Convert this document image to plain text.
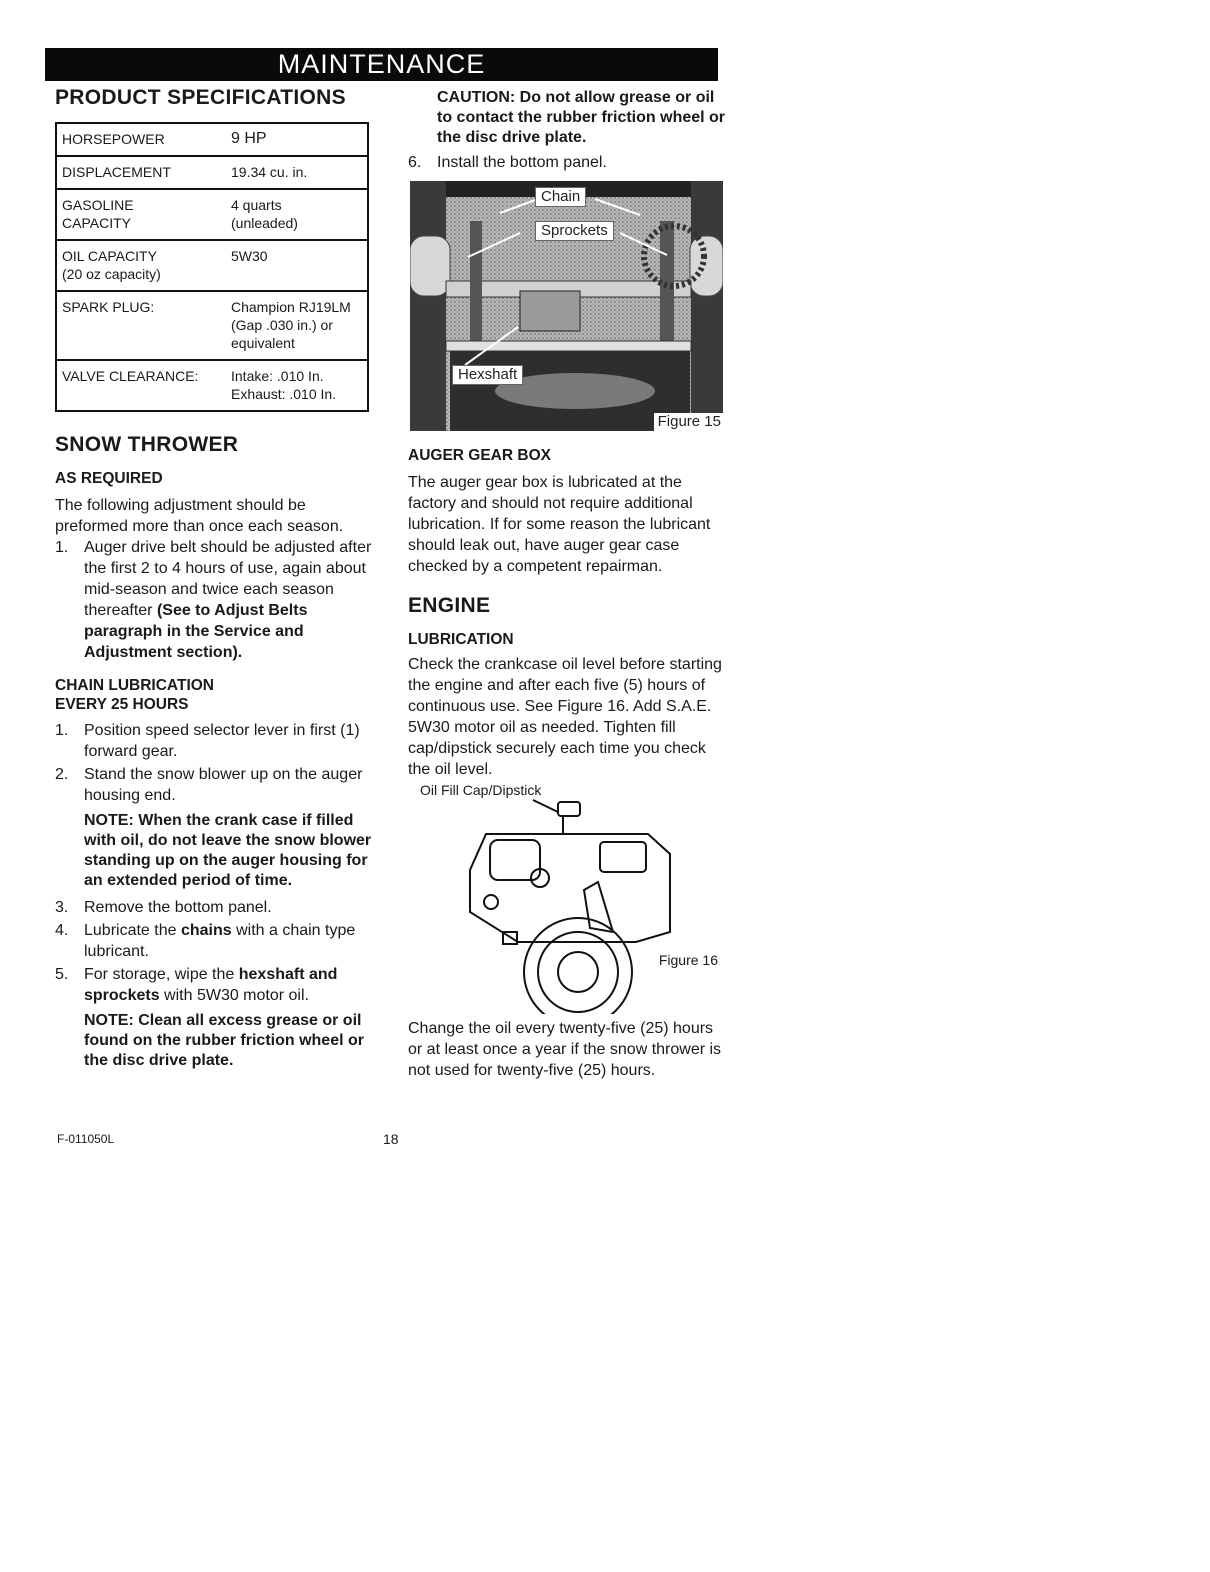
MAINTENANCE
PRODUCT SPECIFICATIONS
HORSEPOWER	9 HP
DISPLACEMENT	19.34 cu. in.
GASOLINE
CAPACITY	4 quarts
(unleaded)
OIL CAPACITY
(20 oz capacity)	5W30
SPARK PLUG:	Champion RJ19LM
(Gap .030 in.) or
equivalent
VALVE CLEARANCE:	Intake: .010 In.
Exhaust: .010 In.
SNOW THROWER
AS REQUIRED

The following adjustment should be preformed more than once each season.

1. Auger drive belt should be adjusted after the first 2 to 4 hours of use, again about mid-season and twice each season thereafter (See to Adjust Belts paragraph in the Service and Adjustment section).
CHAIN LUBRICATION
EVERY 25 HOURS
1. Position speed selector lever in first (1) forward gear.
2. Stand the snow blower up on the auger housing end.
NOTE: When the crank case if filled with oil, do not leave the snow blower standing up on the auger housing for an extended period of time.
3. Remove the bottom panel.
4. Lubricate the chains with a chain type lubricant.
5. For storage, wipe the hexshaft and sprockets with 5W30 motor oil.
NOTE: Clean all excess grease or oil found on the rubber friction wheel or the disc drive plate.
F-011050L	18
CAUTION: Do not allow grease or oil to contact the rubber friction wheel or the disc drive plate.
6. Install the bottom panel.
Chain
Sprockets
Hexshaft
Figure 15
AUGER GEAR BOX

The auger gear box is lubricated at the factory and should not require additional lubrication. If for some reason the lubricant should leak out, have auger gear case checked by a competent repairman.

ENGINE
LUBRICATION

Check the crankcase oil level before starting the engine and after each five (5) hours of continuous use. See Figure 16. Add S.A.E. 5W30 motor oil as needed. Tighten fill cap/dipstick securely each time you check the oil level.

Oil Fill Cap/Dipstick
Figure 16

Change the oil every twenty-five (25) hours or at least once a year if the snow thrower is not used for twenty-five (25) hours.
